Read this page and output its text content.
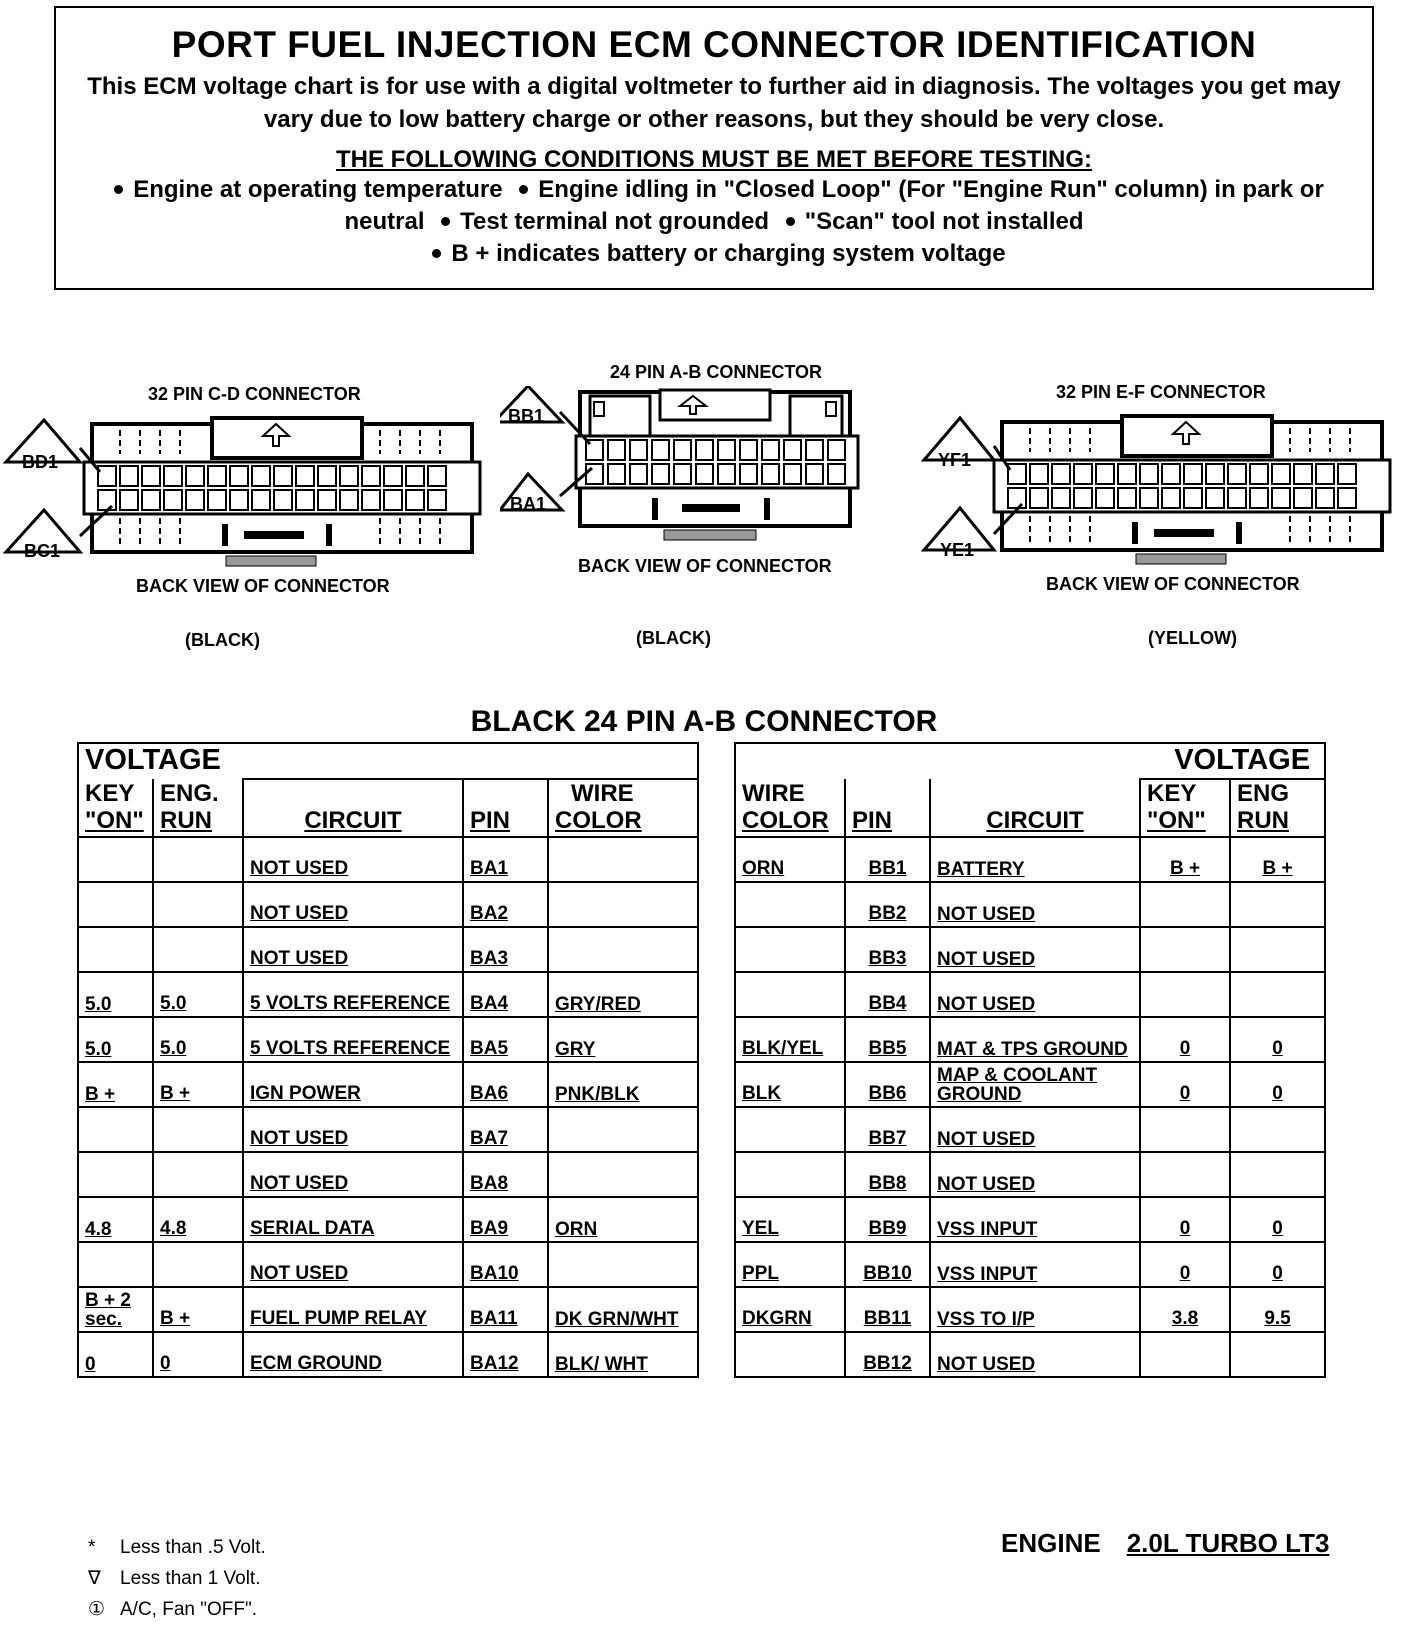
PORT FUEL INJECTION ECM CONNECTOR IDENTIFICATION
This ECM voltage chart is for use with a digital voltmeter to further aid in diagnosis. The voltages you get may vary due to low battery charge or other reasons, but they should be very close.
THE FOLLOWING CONDITIONS MUST BE MET BEFORE TESTING:
Engine at operating temperature Engine idling in "Closed Loop" (For "Engine Run" column) in park or neutral Test terminal not grounded "Scan" tool not installed
B + indicates battery or charging system voltage
32 PIN C-D CONNECTOR
BD1
BC1
BACK VIEW OF CONNECTOR
(BLACK)
24 PIN A-B CONNECTOR
BB1
BA1
BACK VIEW OF CONNECTOR
(BLACK)
32 PIN E-F CONNECTOR
YF1
YE1
BACK VIEW OF CONNECTOR
(YELLOW)
BLACK 24 PIN A-B CONNECTOR
VOLTAGE				
KEY
"ON"	ENG.
RUN	CIRCUIT	PIN	WIRE
COLOR
		NOT USED	BA1	
		NOT USED	BA2	
		NOT USED	BA3	
5.0	5.0	5 VOLTS REFERENCE	BA4	GRY/RED
5.0	5.0	5 VOLTS REFERENCE	BA5	GRY
B +	B +	IGN POWER	BA6	PNK/BLK
		NOT USED	BA7	
		NOT USED	BA8	
4.8	4.8	SERIAL DATA	BA9	ORN
		NOT USED	BA10	
B + 2 sec.	B +	FUEL PUMP RELAY	BA11	DK GRN/WHT
0	0	ECM GROUND	BA12	BLK/ WHT
VOLTAGE				
WIRE
COLOR	PIN	CIRCUIT	KEY
"ON"	ENG
RUN
ORN	BB1	BATTERY	B +	B +
	BB2	NOT USED		
	BB3	NOT USED		
	BB4	NOT USED		
BLK/YEL	BB5	MAT & TPS GROUND	0	0
BLK	BB6	MAP & COOLANT GROUND	0	0
	BB7	NOT USED		
	BB8	NOT USED		
YEL	BB9	VSS INPUT	0	0
PPL	BB10	VSS INPUT	0	0
DKGRN	BB11	VSS TO I/P	3.8	9.5
	BB12	NOT USED		
* Less than .5 Volt.
∇ Less than 1 Volt.
① A/C, Fan "OFF".
ENGINE 2.0L TURBO LT3
